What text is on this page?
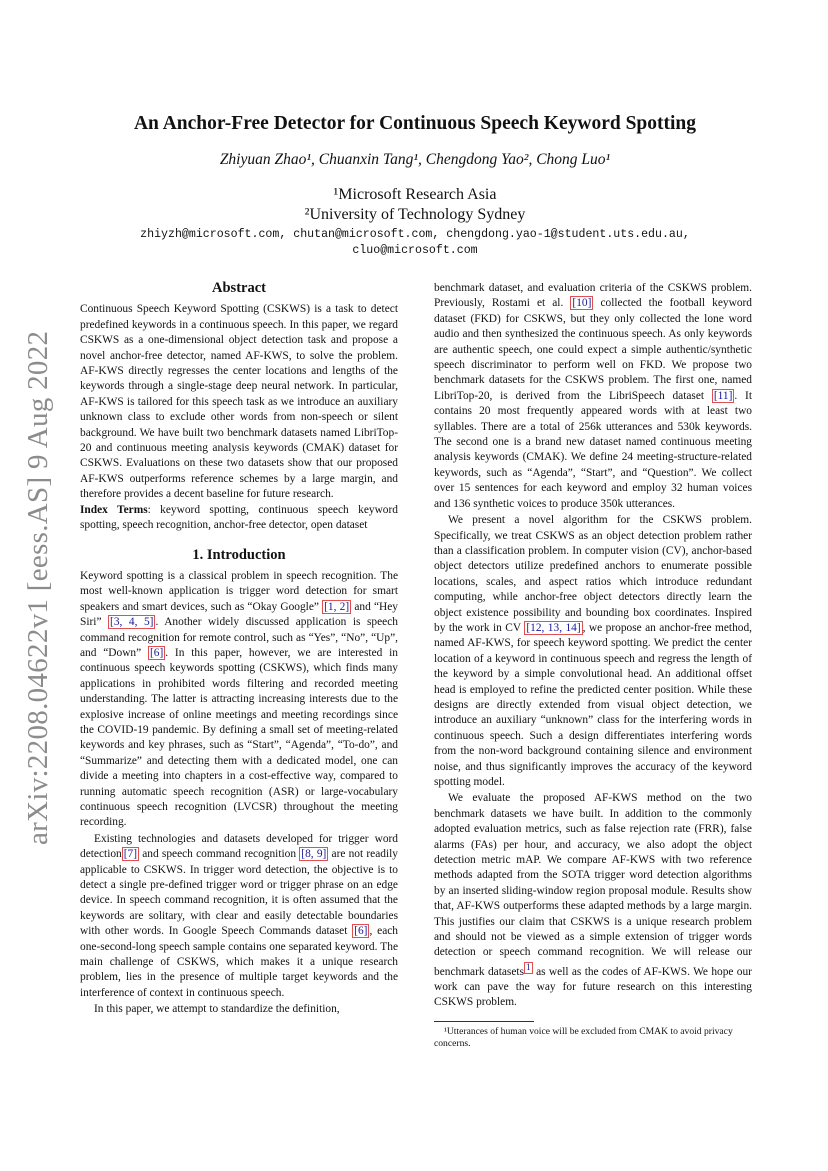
arXiv:2208.04622v1 [eess.AS] 9 Aug 2022
An Anchor-Free Detector for Continuous Speech Keyword Spotting
Zhiyuan Zhao¹, Chuanxin Tang¹, Chengdong Yao², Chong Luo¹
¹Microsoft Research Asia
²University of Technology Sydney
zhiyzh@microsoft.com, chutan@microsoft.com, chengdong.yao-1@student.uts.edu.au,
cluo@microsoft.com
Abstract

Continuous Speech Keyword Spotting (CSKWS) is a task to detect predefined keywords in a continuous speech. In this paper, we regard CSKWS as a one-dimensional object detection task and propose a novel anchor-free detector, named AF-KWS, to solve the problem. AF-KWS directly regresses the center locations and lengths of the keywords through a single-stage deep neural network. In particular, AF-KWS is tailored for this speech task as we introduce an auxiliary unknown class to exclude other words from non-speech or silent background. We have built two benchmark datasets named LibriTop-20 and continuous meeting analysis keywords (CMAK) dataset for CSKWS. Evaluations on these two datasets show that our proposed AF-KWS outperforms reference schemes by a large margin, and therefore provides a decent baseline for future research.
Index Terms: keyword spotting, continuous speech keyword spotting, speech recognition, anchor-free detector, open dataset

1. Introduction

Keyword spotting is a classical problem in speech recognition. The most well-known application is trigger word detection for smart speakers and smart devices, such as “Okay Google” [1, 2] and “Hey Siri” [3, 4, 5] . Another widely discussed application is speech command recognition for remote control, such as “Yes”, “No”, “Up”, and “Down” [6] . In this paper, however, we are interested in continuous speech keywords spotting (CSKWS), which finds many applications in prohibited words filtering and recorded meeting understanding. The latter is attracting increasing interests due to the explosive increase of online meetings and meeting recordings since the COVID-19 pandemic. By defining a small set of meeting-related keywords and key phrases, such as “Start”, “Agenda”, “To-do”, and “Summarize” and detecting them with a dedicated model, one can divide a meeting into chapters in a cost-effective way, compared to running automatic speech recognition (ASR) or large-vocabulary continuous speech recognition (LVCSR) throughout the meeting recording.

Existing technologies and datasets developed for trigger word detection [7] and speech command recognition [8, 9] are not readily applicable to CSKWS. In trigger word detection, the objective is to detect a single pre-defined trigger word or trigger phrase on an edge device. In speech command recognition, it is often assumed that the keywords are solitary, with clear and easily detectable boundaries with other words. In Google Speech Commands dataset [6] , each one-second-long speech sample contains one separated keyword. The main challenge of CSKWS, which makes it a unique research problem, lies in the presence of multiple target keywords and the interference of context in continuous speech.

In this paper, we attempt to standardize the definition,

benchmark dataset, and evaluation criteria of the CSKWS problem. Previously, Rostami et al. [10] collected the football keyword dataset (FKD) for CSKWS, but they only collected the lone word audio and then synthesized the continuous speech. As only keywords are authentic speech, one could expect a simple authentic/synthetic speech discriminator to perform well on FKD. We propose two benchmark datasets for the CSKWS problem. The first one, named LibriTop-20, is derived from the LibriSpeech dataset [11] . It contains 20 most frequently appeared words with at least two syllables. There are a total of 256k utterances and 530k keywords. The second one is a brand new dataset named continuous meeting analysis keywords (CMAK). We define 24 meeting-structure-related keywords, such as “Agenda”, “Start”, and “Question”. We collect over 15 sentences for each keyword and employ 32 human voices and 136 synthetic voices to produce 350k utterances.

We present a novel algorithm for the CSKWS problem. Specifically, we treat CSKWS as an object detection problem rather than a classification problem. In computer vision (CV), anchor-based object detectors utilize predefined anchors to enumerate possible locations, scales, and aspect ratios which introduce redundant computing, while anchor-free object detectors directly learn the object existence possibility and bounding box coordinates. Inspired by the work in CV [12, 13, 14] , we propose an anchor-free method, named AF-KWS, for speech keyword spotting. We predict the center location of a keyword in continuous speech and regress the length of the keyword by a simple convolutional head. An additional offset head is employed to refine the predicted center position. While these designs are directly extended from visual object detection, we introduce an auxiliary “unknown” class for the interfering words in continuous speech. Such a design differentiates interfering words from the non-word background containing silence and environment noise, and thus significantly improves the accuracy of the keyword spotting model.

We evaluate the proposed AF-KWS method on the two benchmark datasets we have built. In addition to the commonly adopted evaluation metrics, such as false rejection rate (FRR), false alarms (FAs) per hour, and accuracy, we also adopt the object detection metric mAP. We compare AF-KWS with two reference methods adapted from the SOTA trigger word detection algorithms by an inserted sliding-window region proposal module. Results show that, AF-KWS outperforms these adapted methods by a large margin. This justifies our claim that CSKWS is a unique research problem and should not be viewed as a simple extension of trigger words detection or speech command recognition. We will release our benchmark datasets $^1$ as well as the codes of AF-KWS. We hope our work can pave the way for future research on this interesting CSKWS problem.

¹Utterances of human voice will be excluded from CMAK to avoid privacy concerns.
